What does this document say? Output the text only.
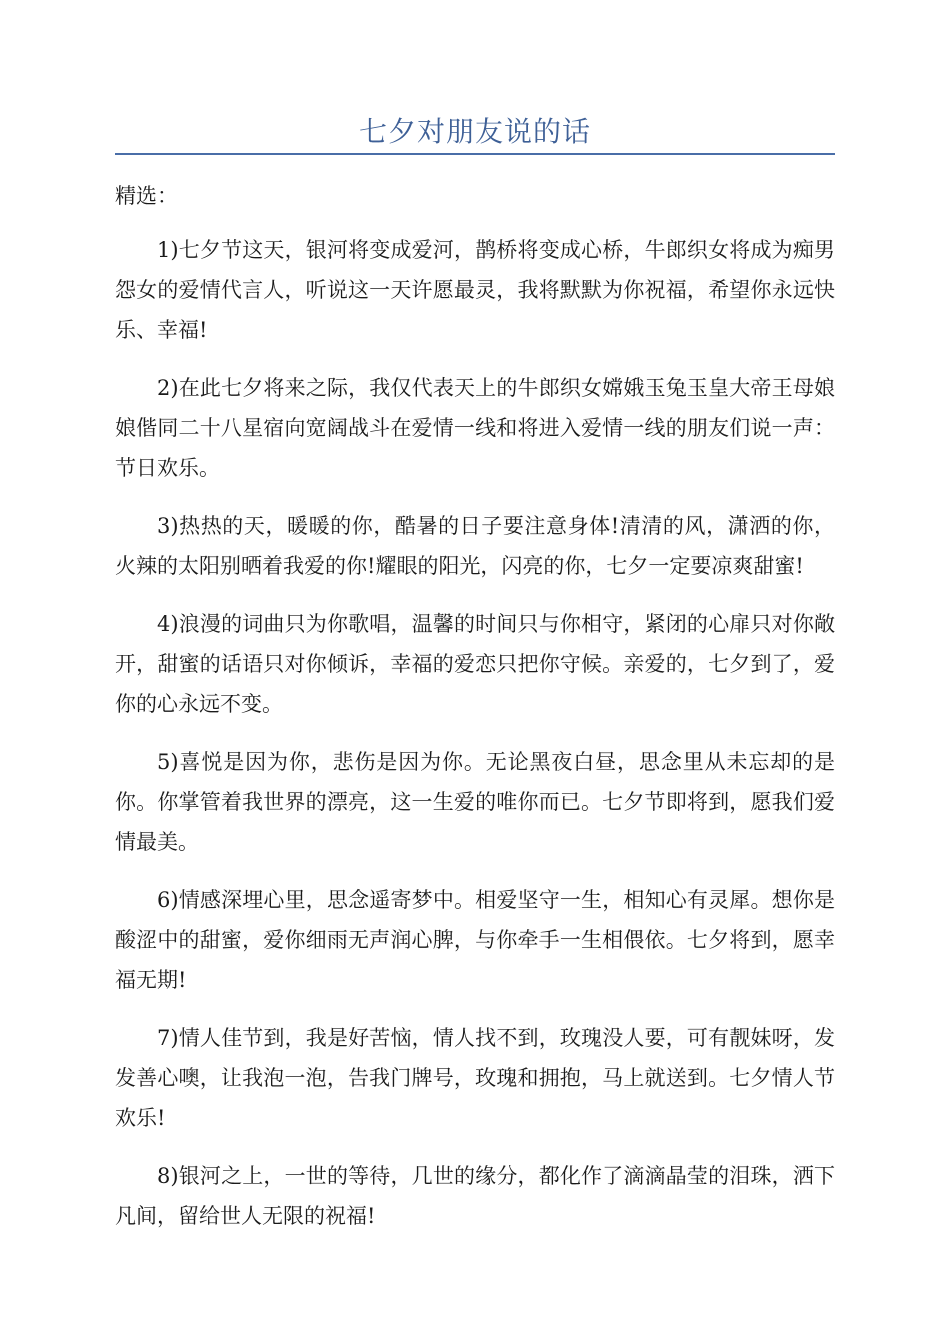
七夕对朋友说的话
精选：

1)七夕节这天，银河将变成爱河，鹊桥将变成心桥，牛郎织女将成为痴男怨女的爱情代言人，听说这一天许愿最灵，我将默默为你祝福，希望你永远快乐、幸福!

2)在此七夕将来之际，我仅代表天上的牛郎织女嫦娥玉兔玉皇大帝王母娘娘偕同二十八星宿向宽阔战斗在爱情一线和将进入爱情一线的朋友们说一声：节日欢乐。

3)热热的天，暖暖的你，酷暑的日子要注意身体!清清的风，潇洒的你，火辣的太阳别晒着我爱的你!耀眼的阳光，闪亮的你，七夕一定要凉爽甜蜜!

4)浪漫的词曲只为你歌唱，温馨的时间只与你相守，紧闭的心扉只对你敞开，甜蜜的话语只对你倾诉，幸福的爱恋只把你守候。亲爱的，七夕到了，爱你的心永远不变。

5)喜悦是因为你，悲伤是因为你。无论黑夜白昼，思念里从未忘却的是你。你掌管着我世界的漂亮，这一生爱的唯你而已。七夕节即将到，愿我们爱情最美。

6)情感深埋心里，思念遥寄梦中。相爱坚守一生，相知心有灵犀。想你是酸涩中的甜蜜，爱你细雨无声润心脾，与你牵手一生相偎依。七夕将到，愿幸福无期!

7)情人佳节到，我是好苦恼，情人找不到，玫瑰没人要，可有靓妹呀，发发善心噢，让我泡一泡，告我门牌号，玫瑰和拥抱，马上就送到。七夕情人节欢乐!

8)银河之上，一世的等待，几世的缘分，都化作了滴滴晶莹的泪珠，洒下凡间，留给世人无限的祝福!
